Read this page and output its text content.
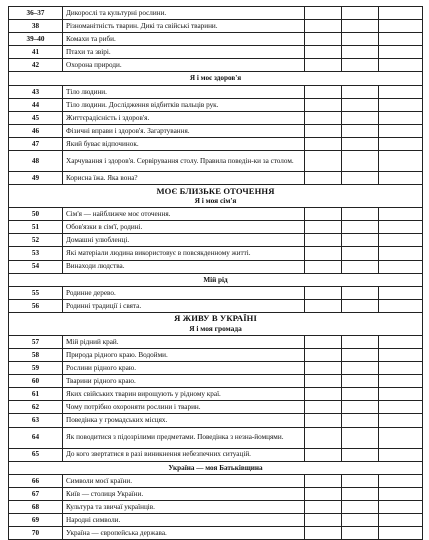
36–37	Дикорослі та культурні рослини.			
38	Різноманітність тварин. Дикі та свійські тварини.			
39–40	Комахи та риби.			
41	Птахи та звірі.			
42	Охорона природи.			
Я і моє здоров'я				
43	Тіло людини.			
44	Тіло людини. Дослідження відбитків пальців рук.			
45	Життєрадісність і здоров'я.			
46	Фізичні вправи і здоров'я. Загартування.			
47	Який буває відпочинок.			
48	Харчування і здоров'я. Сервірування столу. Правила поведін-ки за столом.			
49	Корисна їжа. Яка вона?			

МОЄ БЛИЗЬКЕ ОТОЧЕННЯ
Я і моя сім'я				

50	Сім'я — найближче моє оточення.			
51	Обов'язки в сім'ї, родині.			
52	Домашні улюбленці.			
53	Які матеріали людина використовує в повсякденному житті.			
54	Винаходи людства.			
Мій рід				
55	Родинне дерево.			
56	Родинні традиції і свята.			

Я ЖИВУ В УКРАЇНІ
Я і моя громада				

57	Мій рідний край.			
58	Природа рідного краю. Водойми.			
59	Рослини рідного краю.			
60	Тварини рідного краю.			
61	Яких свійських тварин вирощують у рідному краї.			
62	Чому потрібно охороняти рослини і тварин.			
63	Поведінка у громадських місцях.			
64	Як поводитися з підозрілими предметами. Поведінка з незна-йомцями.			
65	До кого звертатися в разі виникнення небезпечних ситуацій.			
Україна — моя Батьківщина				
66	Символи моєї країни.			
67	Київ — столиця України.			
68	Культура та звичаї українців.			
69	Народні символи.			
70	Україна — європейська держава.			
